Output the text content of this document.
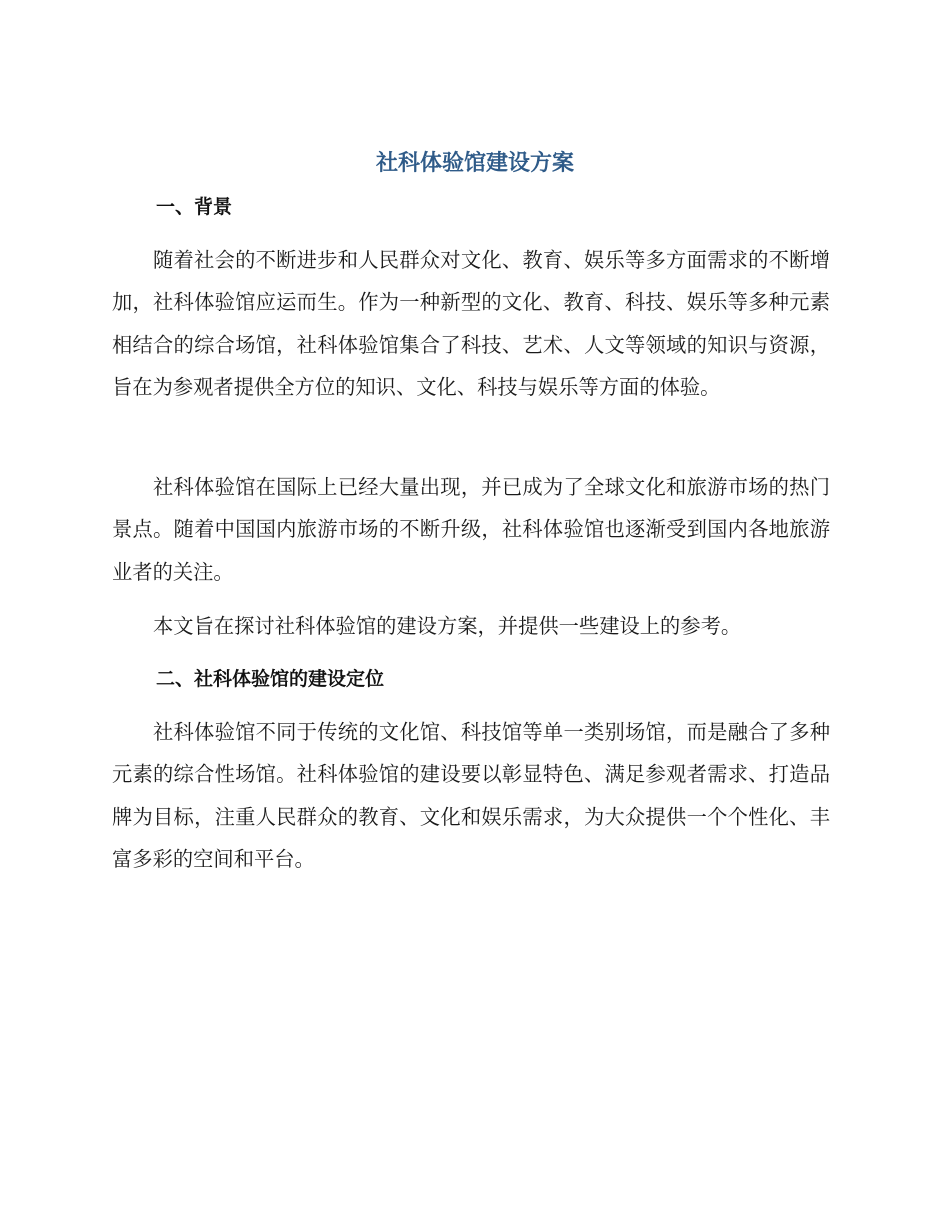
社科体验馆建设方案
一、背景
随着社会的不断进步和人民群众对文化、教育、娱乐等多方面需求的不断增加，社科体验馆应运而生。作为一种新型的文化、教育、科技、娱乐等多种元素相结合的综合场馆，社科体验馆集合了科技、艺术、人文等领域的知识与资源，旨在为参观者提供全方位的知识、文化、科技与娱乐等方面的体验。
社科体验馆在国际上已经大量出现，并已成为了全球文化和旅游市场的热门景点。随着中国国内旅游市场的不断升级，社科体验馆也逐渐受到国内各地旅游业者的关注。
本文旨在探讨社科体验馆的建设方案，并提供一些建设上的参考。
二、社科体验馆的建设定位
社科体验馆不同于传统的文化馆、科技馆等单一类别场馆，而是融合了多种元素的综合性场馆。社科体验馆的建设要以彰显特色、满足参观者需求、打造品牌为目标，注重人民群众的教育、文化和娱乐需求，为大众提供一个个性化、丰富多彩的空间和平台。
